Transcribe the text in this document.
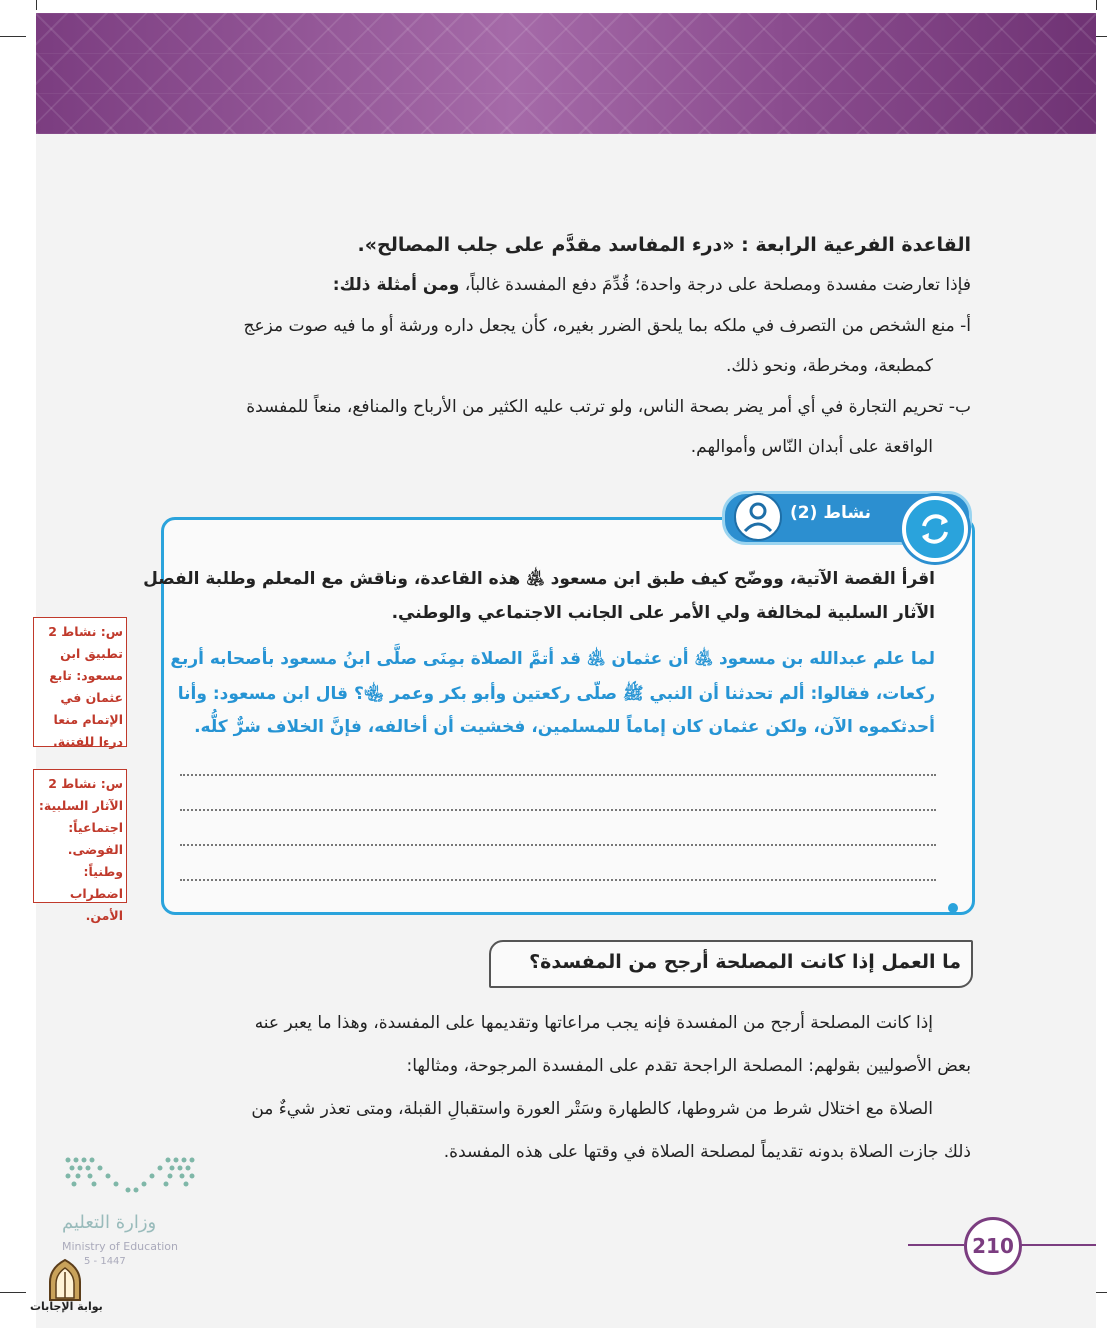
القاعدة الفرعية الرابعة : «درء المفاسد مقدَّم على جلب المصالح».
فإذا تعارضت مفسدة ومصلحة على درجة واحدة؛ قُدِّمَ دفع المفسدة غالباً، ومن أمثلة ذلك:
أ- منع الشخص من التصرف في ملكه بما يلحق الضرر بغيره، كأن يجعل داره ورشة أو ما فيه صوت مزعج
كمطبعة، ومخرطة، ونحو ذلك.
ب- تحريم التجارة في أي أمر يضر بصحة الناس، ولو ترتب عليه الكثير من الأرباح والمنافع، منعاً للمفسدة
الواقعة على أبدان النّاس وأموالهم.
نشاط (2)
اقرأ القصة الآتية، ووضّح كيف طبق ابن مسعود ﵁ هذه القاعدة، وناقش مع المعلم وطلبة الفصل
الآثار السلبية لمخالفة ولي الأمر على الجانب الاجتماعي والوطني.
لما علم عبدالله بن مسعود ﵁ أن عثمان ﵁ قد أتمَّ الصلاة بمِنَى صلَّى ابنُ مسعود بأصحابه أربع
ركعات، فقالوا: ألم تحدثنا أن النبي ﷺ صلّى ركعتين وأبو بكر وعمر ﵄؟ قال ابن مسعود: وأنا
أحدثكموه الآن، ولكن عثمان كان إماماً للمسلمين، فخشيت أن أخالفه، فإنَّ الخلاف شرٌّ كلُّه.
س: نشاط 2
تطبيق ابن مسعود: تابع عثمان في الإتمام منعا درءا للفتنة.
س: نشاط 2
الآثار السلبية: اجتماعياً: الفوضى. وطنياً: اضطراب الأمن.
ما العمل إذا كانت المصلحة أرجح من المفسدة؟
إذا كانت المصلحة أرجح من المفسدة فإنه يجب مراعاتها وتقديمها على المفسدة، وهذا ما يعبر عنه
بعض الأصوليين بقولهم: المصلحة الراجحة تقدم على المفسدة المرجوحة، ومثالها:
الصلاة مع اختلال شرط من شروطها، كالطهارة وسَتْر العورة واستقبالِ القبلة، ومتى تعذر شيءٌ من
ذلك جازت الصلاة بدونه تقديماً لمصلحة الصلاة في وقتها على هذه المفسدة.
وزارة التعليم
Ministry of Education
5 - 1447
بوابة الإجابات
210
